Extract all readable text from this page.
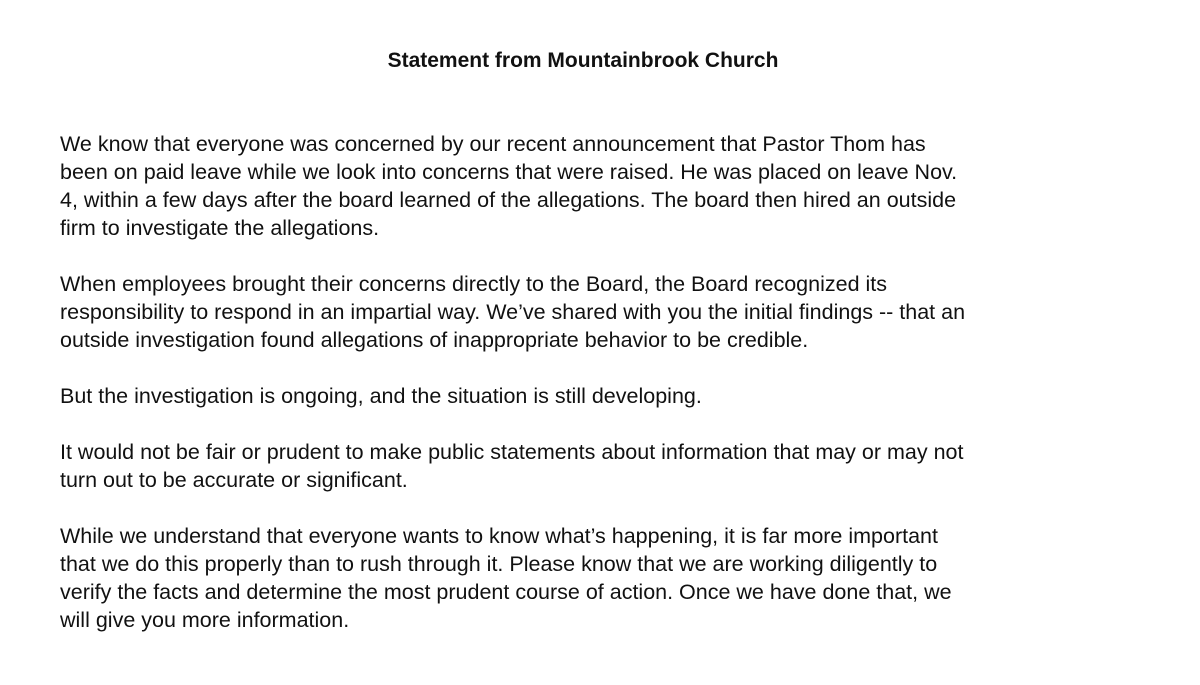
Statement from Mountainbrook Church

We know that everyone was concerned by our recent announcement that Pastor Thom has
been on paid leave while we look into concerns that were raised. He was placed on leave Nov.
4, within a few days after the board learned of the allegations. The board then hired an outside
firm to investigate the allegations.

When employees brought their concerns directly to the Board, the Board recognized its
responsibility to respond in an impartial way. We’ve shared with you the initial findings -- that an
outside investigation found allegations of inappropriate behavior to be credible.

But the investigation is ongoing, and the situation is still developing.

It would not be fair or prudent to make public statements about information that may or may not
turn out to be accurate or significant.

While we understand that everyone wants to know what’s happening, it is far more important
that we do this properly than to rush through it. Please know that we are working diligently to
verify the facts and determine the most prudent course of action. Once we have done that, we
will give you more information.
